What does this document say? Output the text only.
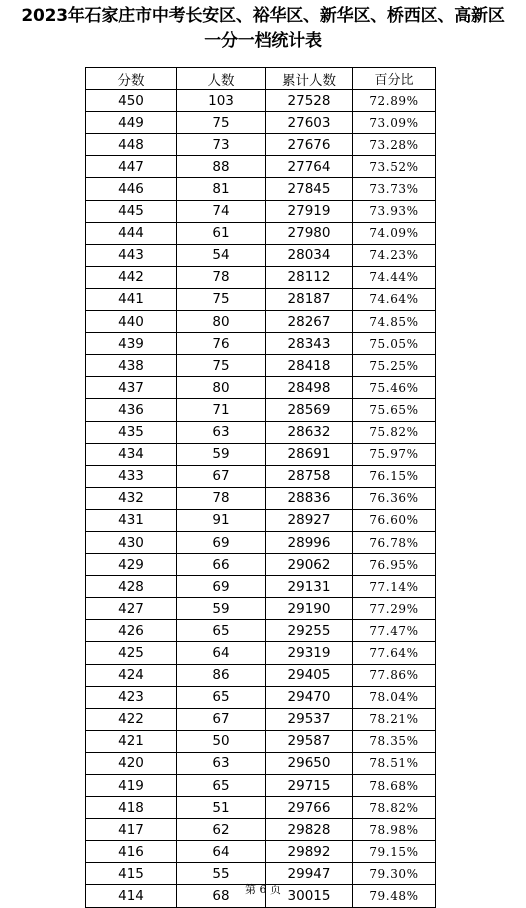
2023年石家庄市中考长安区、裕华区、新华区、桥西区、高新区
一分一档统计表
分数	人数	累计人数	百分比
450	103	27528	72.89%
449	75	27603	73.09%
448	73	27676	73.28%
447	88	27764	73.52%
446	81	27845	73.73%
445	74	27919	73.93%
444	61	27980	74.09%
443	54	28034	74.23%
442	78	28112	74.44%
441	75	28187	74.64%
440	80	28267	74.85%
439	76	28343	75.05%
438	75	28418	75.25%
437	80	28498	75.46%
436	71	28569	75.65%
435	63	28632	75.82%
434	59	28691	75.97%
433	67	28758	76.15%
432	78	28836	76.36%
431	91	28927	76.60%
430	69	28996	76.78%
429	66	29062	76.95%
428	69	29131	77.14%
427	59	29190	77.29%
426	65	29255	77.47%
425	64	29319	77.64%
424	86	29405	77.86%
423	65	29470	78.04%
422	67	29537	78.21%
421	50	29587	78.35%
420	63	29650	78.51%
419	65	29715	78.68%
418	51	29766	78.82%
417	62	29828	78.98%
416	64	29892	79.15%
415	55	29947	79.30%
414	68	30015	79.48%
第 6 页
